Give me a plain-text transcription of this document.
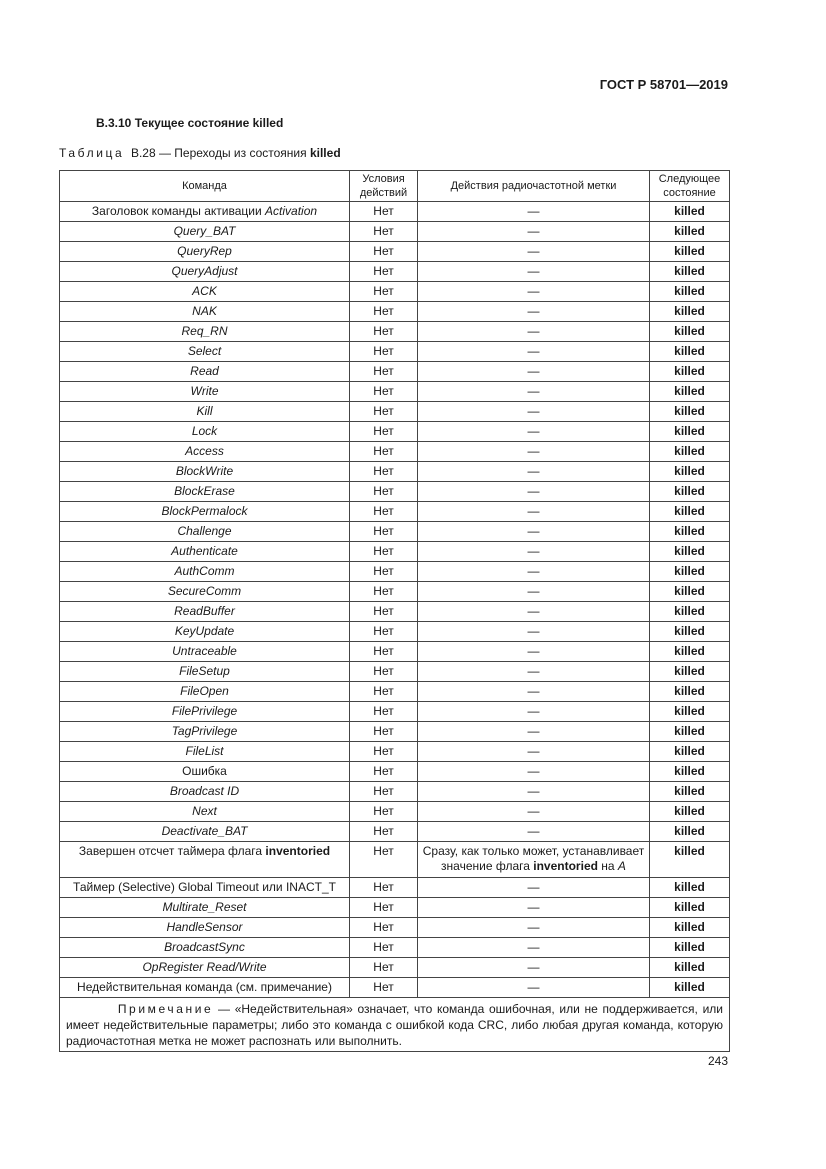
ГОСТ Р 58701—2019
В.3.10 Текущее состояние killed
Таблица В.28 — Переходы из состояния killed
Команда	Условия действий	Действия радиочастотной метки	Следующее состояние
Заголовок команды активации Activation	Нет	—	killed
Query_BAT	Нет	—	killed
QueryRep	Нет	—	killed
QueryAdjust	Нет	—	killed
ACK	Нет	—	killed
NAK	Нет	—	killed
Req_RN	Нет	—	killed
Select	Нет	—	killed
Read	Нет	—	killed
Write	Нет	—	killed
Kill	Нет	—	killed
Lock	Нет	—	killed
Access	Нет	—	killed
BlockWrite	Нет	—	killed
BlockErase	Нет	—	killed
BlockPermalock	Нет	—	killed
Challenge	Нет	—	killed
Authenticate	Нет	—	killed
AuthComm	Нет	—	killed
SecureComm	Нет	—	killed
ReadBuffer	Нет	—	killed
KeyUpdate	Нет	—	killed
Untraceable	Нет	—	killed
FileSetup	Нет	—	killed
FileOpen	Нет	—	killed
FilePrivilege	Нет	—	killed
TagPrivilege	Нет	—	killed
FileList	Нет	—	killed
Ошибка	Нет	—	killed
Broadcast ID	Нет	—	killed
Next	Нет	—	killed
Deactivate_BAT	Нет	—	killed
Завершен отсчет таймера флага inventoried	Нет	Сразу, как только может, устанавливает значение флага inventoried на A	killed
Таймер (Selective) Global Timeout или INACT_T	Нет	—	killed
Multirate_Reset	Нет	—	killed
HandleSensor	Нет	—	killed
BroadcastSync	Нет	—	killed
OpRegister Read/Write	Нет	—	killed
Недействительная команда (см. примечание)	Нет	—	killed
Примечание — «Недействительная» означает, что команда ошибочная, или не поддерживается, или имеет недействительные параметры; либо это команда с ошибкой кода CRC, либо любая другая команда, которую радиочастотная метка не может распознать или выполнить.			
243
